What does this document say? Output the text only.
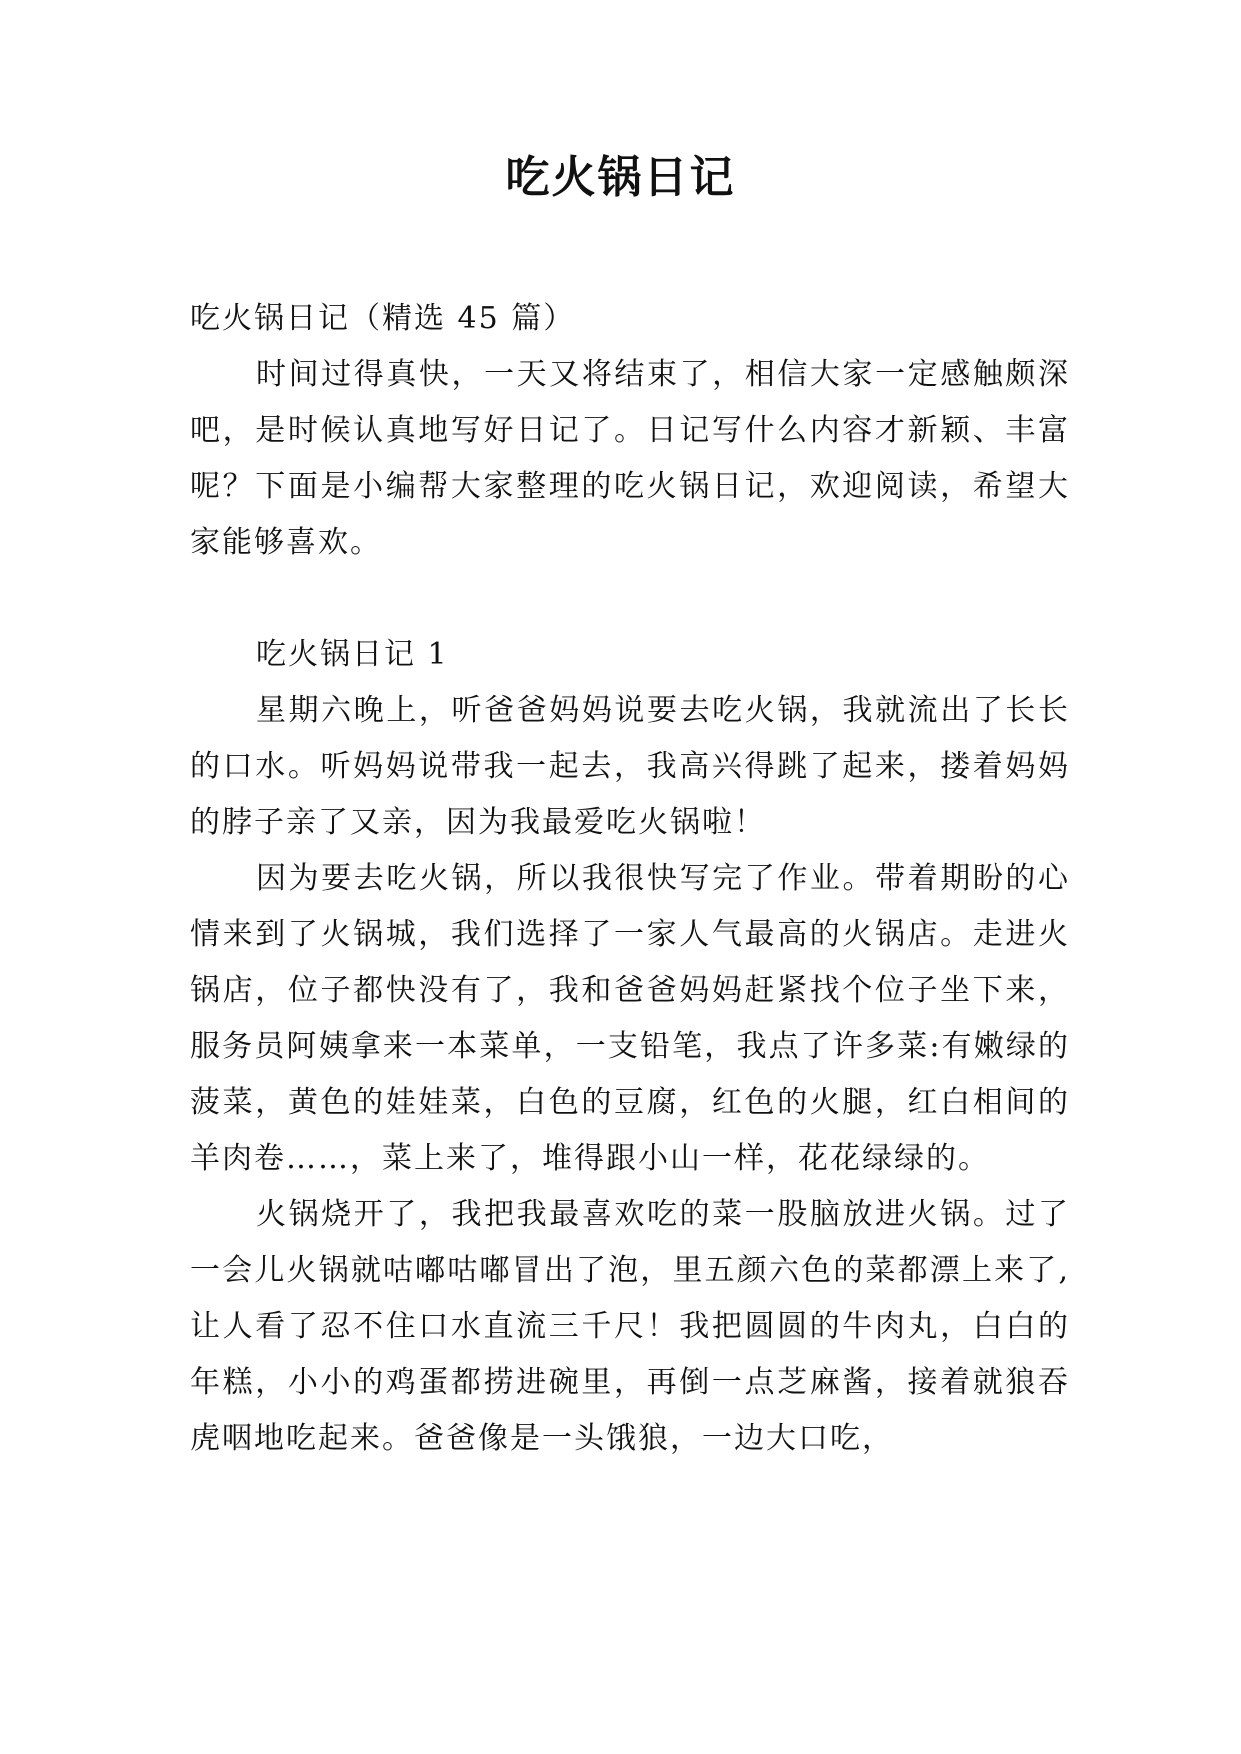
吃火锅日记

吃火锅日记（精选 45 篇）

时间过得真快，一天又将结束了，相信大家一定感触颇深吧，是时候认真地写好日记了。日记写什么内容才新颖、丰富呢？下面是小编帮大家整理的吃火锅日记，欢迎阅读，希望大家能够喜欢。

吃火锅日记 1

星期六晚上，听爸爸妈妈说要去吃火锅，我就流出了长长的口水。听妈妈说带我一起去，我高兴得跳了起来，搂着妈妈的脖子亲了又亲，因为我最爱吃火锅啦！

因为要去吃火锅，所以我很快写完了作业。带着期盼的心情来到了火锅城，我们选择了一家人气最高的火锅店。走进火锅店，位子都快没有了，我和爸爸妈妈赶紧找个位子坐下来，服务员阿姨拿来一本菜单，一支铅笔，我点了许多菜:有嫩绿的菠菜，黄色的娃娃菜，白色的豆腐，红色的火腿，红白相间的羊肉卷……，菜上来了，堆得跟小山一样，花花绿绿的。

火锅烧开了，我把我最喜欢吃的菜一股脑放进火锅。过了一会儿火锅就咕嘟咕嘟冒出了泡，里五颜六色的菜都漂上来了,让人看了忍不住口水直流三千尺！我把圆圆的牛肉丸，白白的年糕，小小的鸡蛋都捞进碗里，再倒一点芝麻酱，接着就狼吞虎咽地吃起来。爸爸像是一头饿狼，一边大口吃，
